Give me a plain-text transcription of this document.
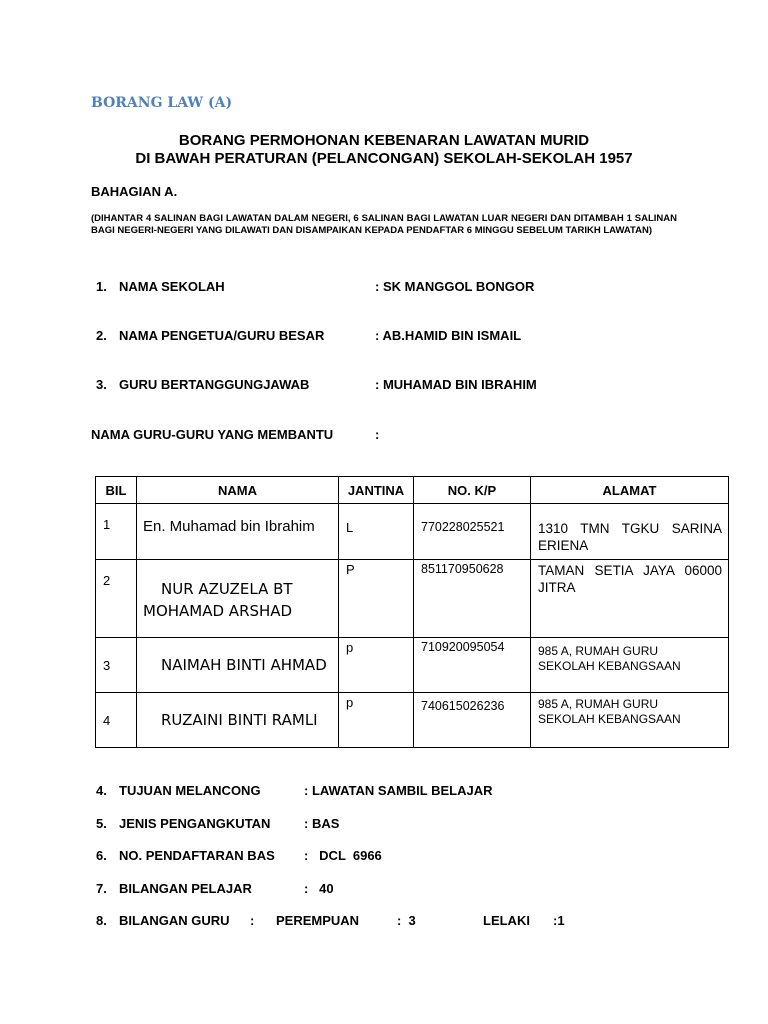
BORANG LAW (A)
BORANG PERMOHONAN KEBENARAN LAWATAN MURID
DI BAWAH PERATURAN (PELANCONGAN) SEKOLAH-SEKOLAH 1957
BAHAGIAN A.
(DIHANTAR 4 SALINAN BAGI LAWATAN DALAM NEGERI, 6 SALINAN BAGI LAWATAN LUAR NEGERI DAN DITAMBAH 1 SALINAN BAGI NEGERI-NEGERI YANG DILAWATI DAN DISAMPAIKAN KEPADA PENDAFTAR 6 MINGGU SEBELUM TARIKH LAWATAN)
1. NAMA SEKOLAH	: SK MANGGOL BONGOR
2. NAMA PENGETUA/GURU BESAR	: AB.HAMID BIN ISMAIL
3. GURU BERTANGGUNGJAWAB	: MUHAMAD BIN IBRAHIM
NAMA GURU-GURU YANG MEMBANTU	:
BIL	NAMA	JANTINA	NO. K/P	ALAMAT
1	En. Muhamad bin Ibrahim	L	770228025521	1310 TMN TGKU SARINA ERIENA
2	NUR AZUZELA BT
MOHAMAD ARSHAD	P	851170950628	TAMAN SETIA JAYA 06000 JITRA
3	NAIMAH BINTI AHMAD	p	710920095054	985 A, RUMAH GURU
SEKOLAH KEBANGSAAN

4	RUZAINI BINTI RAMLI	p	740615026236	985 A, RUMAH GURU
SEKOLAH KEBANGSAAN
4. TUJUAN MELANCONG	: LAWATAN SAMBIL BELAJAR
5. JENIS PENGANGKUTAN	: BAS
6. NO. PENDAFTARAN BAS :   DCL  6966
7. BILANGAN PELAJAR	:   40
8. BILANGAN GURU : PEREMPUAN	:  3	LELAKI :1
